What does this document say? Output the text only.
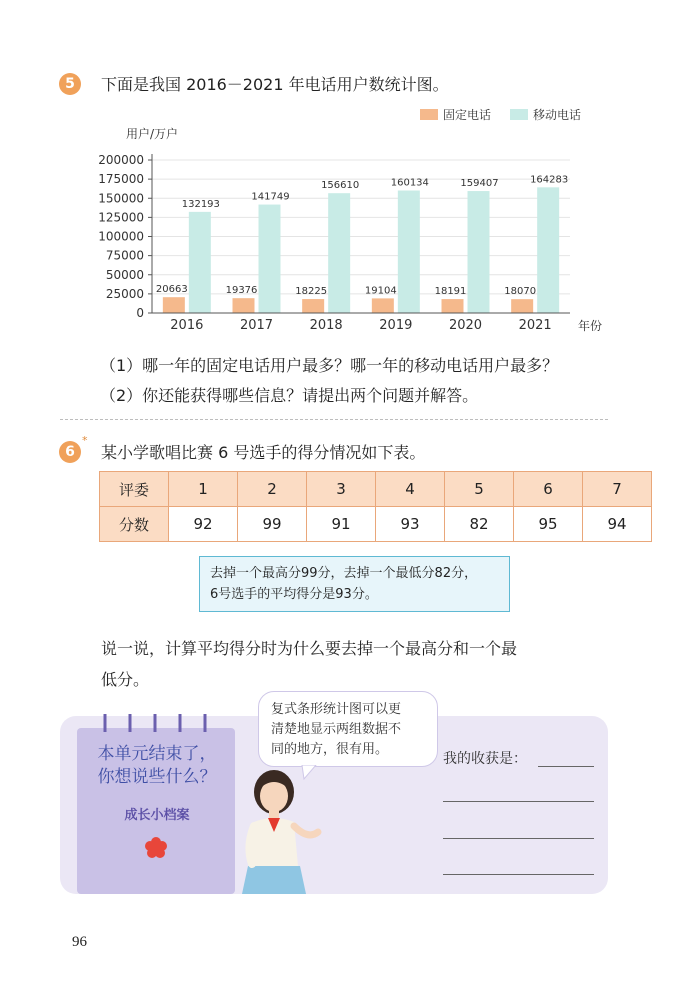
5	下面是我国 2016－2021 年电话用户数统计图。
固定电话	移动电话
用户/万户
年份
0
25000
50000
75000
100000
125000
150000
175000
200000
20663
132193
19376
141749
18225
156610
19104
160134
18191
159407
18070
164283
2016	2017	2018	2019	2020	2021
（1）哪一年的固定电话用户最多？哪一年的移动电话用户最多？
（2）你还能获得哪些信息？请提出两个问题并解答。
6
*
某小学歌唱比赛 6 号选手的得分情况如下表。
评委	1	2	3	4	5	6	7
分数	92	99	91	93	82	95	94
去掉一个最高分99分，去掉一个最低分82分，
6号选手的平均得分是93分。
说一说，计算平均得分时为什么要去掉一个最高分和一个最
低分。
本单元结束了，
你想说些什么？
成长小档案
复式条形统计图可以更
清楚地显示两组数据不
同的地方，很有用。
我的收获是：
96
